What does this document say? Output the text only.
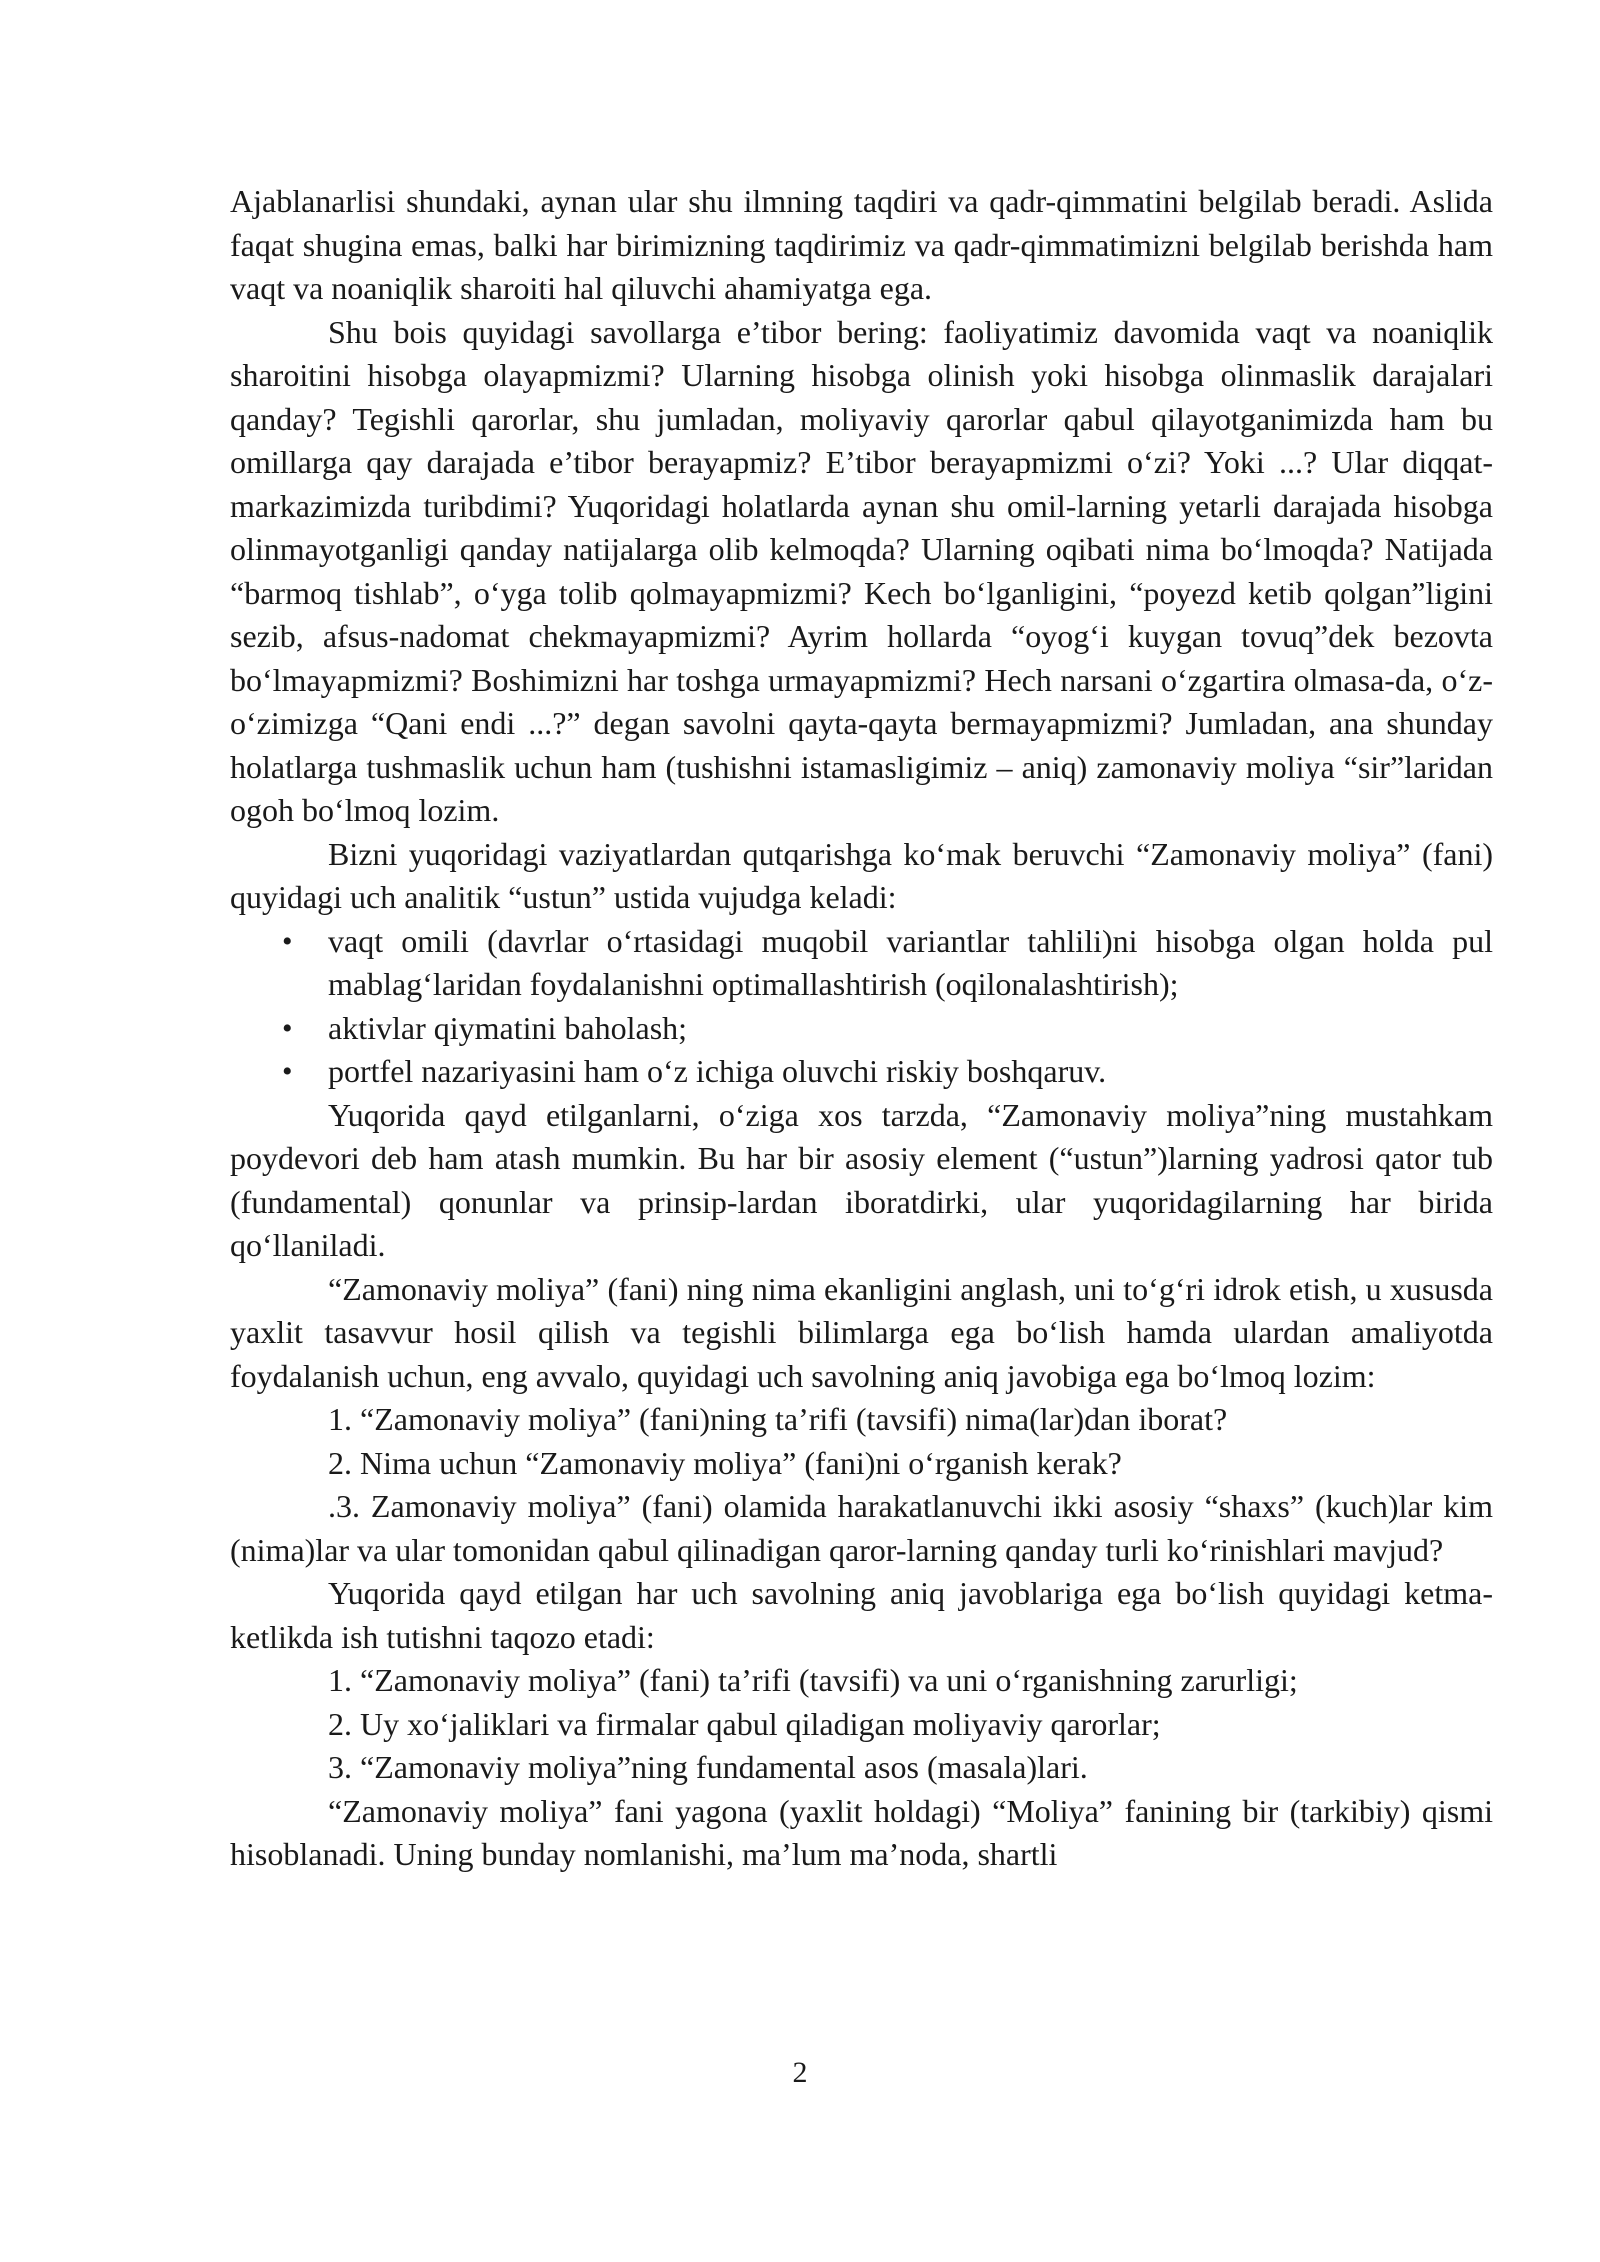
Ajablanarlisi shundaki, aynan ular shu ilmning taqdiri va qadr-qimmatini belgilab beradi. Aslida faqat shugina emas, balki har birimizning taqdirimiz va qadr-qimmatimizni belgilab berishda ham vaqt va noaniqlik sharoiti hal qiluvchi ahamiyatga ega.

Shu bois quyidagi savollarga e’tibor bering: faoliyatimiz davomida vaqt va noaniqlik sharoitini hisobga olayapmizmi? Ularning hisobga olinish yoki hisobga olinmaslik darajalari qanday? Tegishli qarorlar, shu jumladan, moliyaviy qarorlar qabul qilayotganimizda ham bu omillarga qay darajada e’tibor berayapmiz? E’tibor berayapmizmi o‘zi? Yoki ...? Ular diqqat-markazimizda turibdimi? Yuqoridagi holatlarda aynan shu omil-larning yetarli darajada hisobga olinmayotganligi qanday natijalarga olib kelmoqda? Ularning oqibati nima bo‘lmoqda? Natijada “barmoq tishlab”, o‘yga tolib qolmayapmizmi? Kech bo‘lganligini, “poyezd ketib qolgan”ligini sezib, afsus-nadomat chekmayapmizmi? Ayrim hollarda “oyog‘i kuygan tovuq”dek bezovta bo‘lmayapmizmi? Boshimizni har toshga urmayapmizmi? Hech narsani o‘zgartira olmasa-da, o‘z-o‘zimizga “Qani endi ...?” degan savolni qayta-qayta bermayapmizmi? Jumladan, ana shunday holatlarga tushmaslik uchun ham (tushishni istamasligimiz – aniq) zamonaviy moliya “sir”laridan ogoh bo‘lmoq lozim.

Bizni yuqoridagi vaziyatlardan qutqarishga ko‘mak beruvchi “Zamonaviy moliya” (fani) quyidagi uch analitik “ustun” ustida vujudga keladi:

• vaqt omili (davrlar o‘rtasidagi muqobil variantlar tahlili)ni hisobga olgan holda pul mablag‘laridan foydalanishni optimallashtirish (oqilonalashtirish);
• aktivlar qiymatini baholash;
• portfel nazariyasini ham o‘z ichiga oluvchi riskiy boshqaruv.

Yuqorida qayd etilganlarni, o‘ziga xos tarzda, “Zamonaviy moliya”ning mustahkam poydevori deb ham atash mumkin. Bu har bir asosiy element (“ustun”)larning yadrosi qator tub (fundamental) qonunlar va prinsip-lardan iboratdirki, ular yuqoridagilarning har birida qo‘llaniladi.

“Zamonaviy moliya” (fani) ning nima ekanligini anglash, uni to‘g‘ri idrok etish, u xususda yaxlit tasavvur hosil qilish va tegishli bilimlarga ega bo‘lish hamda ulardan amaliyotda foydalanish uchun, eng avvalo, quyidagi uch savolning aniq javobiga ega bo‘lmoq lozim:

1. “Zamonaviy moliya” (fani)ning ta’rifi (tavsifi) nima(lar)dan iborat?

2. Nima uchun “Zamonaviy moliya” (fani)ni o‘rganish kerak?

.3. Zamonaviy moliya” (fani) olamida harakatlanuvchi ikki asosiy “shaxs” (kuch)lar kim (nima)lar va ular tomonidan qabul qilinadigan qaror-larning qanday turli ko‘rinishlari mavjud?

Yuqorida qayd etilgan har uch savolning aniq javoblariga ega bo‘lish quyidagi ketma-ketlikda ish tutishni taqozo etadi:

1. “Zamonaviy moliya” (fani) ta’rifi (tavsifi) va uni o‘rganishning zarurligi;

2. Uy xo‘jaliklari va firmalar qabul qiladigan moliyaviy qarorlar;

3. “Zamonaviy moliya”ning fundamental asos (masala)lari.

“Zamonaviy moliya” fani yagona (yaxlit holdagi) “Moliya” fanining bir (tarkibiy) qismi hisoblanadi. Uning bunday nomlanishi, ma’lum ma’noda, shartli

2
